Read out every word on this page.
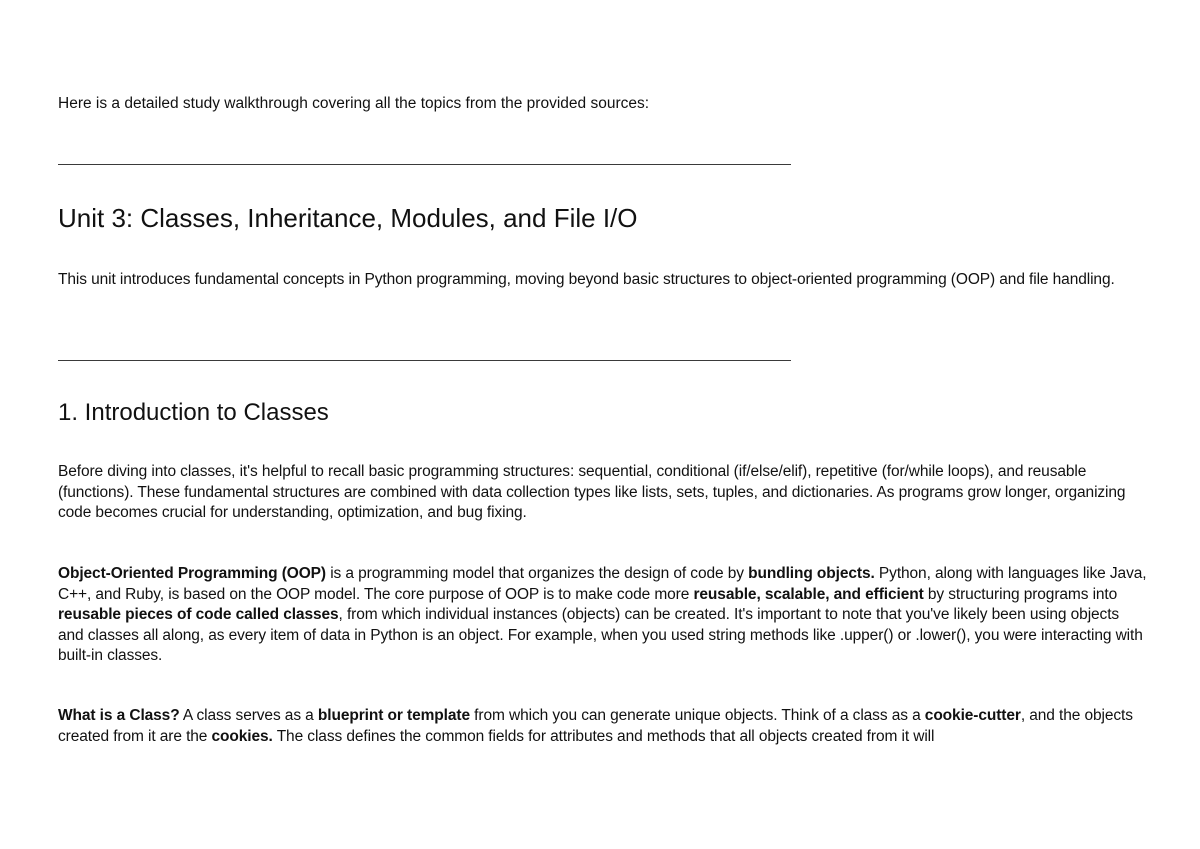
Here is a detailed study walkthrough covering all the topics from the provided sources:

Unit 3: Classes, Inheritance, Modules, and File I/O

This unit introduces fundamental concepts in Python programming, moving beyond basic structures to object-oriented programming (OOP) and file handling.

1. Introduction to Classes

Before diving into classes, it's helpful to recall basic programming structures: sequential, conditional (if/else/elif), repetitive (for/while loops), and reusable (functions). These fundamental structures are combined with data collection types like lists, sets, tuples, and dictionaries. As programs grow longer, organizing code becomes crucial for understanding, optimization, and bug fixing.

Object-Oriented Programming (OOP) is a programming model that organizes the design of code by bundling objects. Python, along with languages like Java, C++, and Ruby, is based on the OOP model. The core purpose of OOP is to make code more reusable, scalable, and efficient by structuring programs into reusable pieces of code called classes, from which individual instances (objects) can be created. It's important to note that you've likely been using objects and classes all along, as every item of data in Python is an object. For example, when you used string methods like .upper() or .lower(), you were interacting with built-in classes.

What is a Class? A class serves as a blueprint or template from which you can generate unique objects. Think of a class as a cookie-cutter, and the objects created from it are the cookies. The class defines the common fields for attributes and methods that all objects created from it will
